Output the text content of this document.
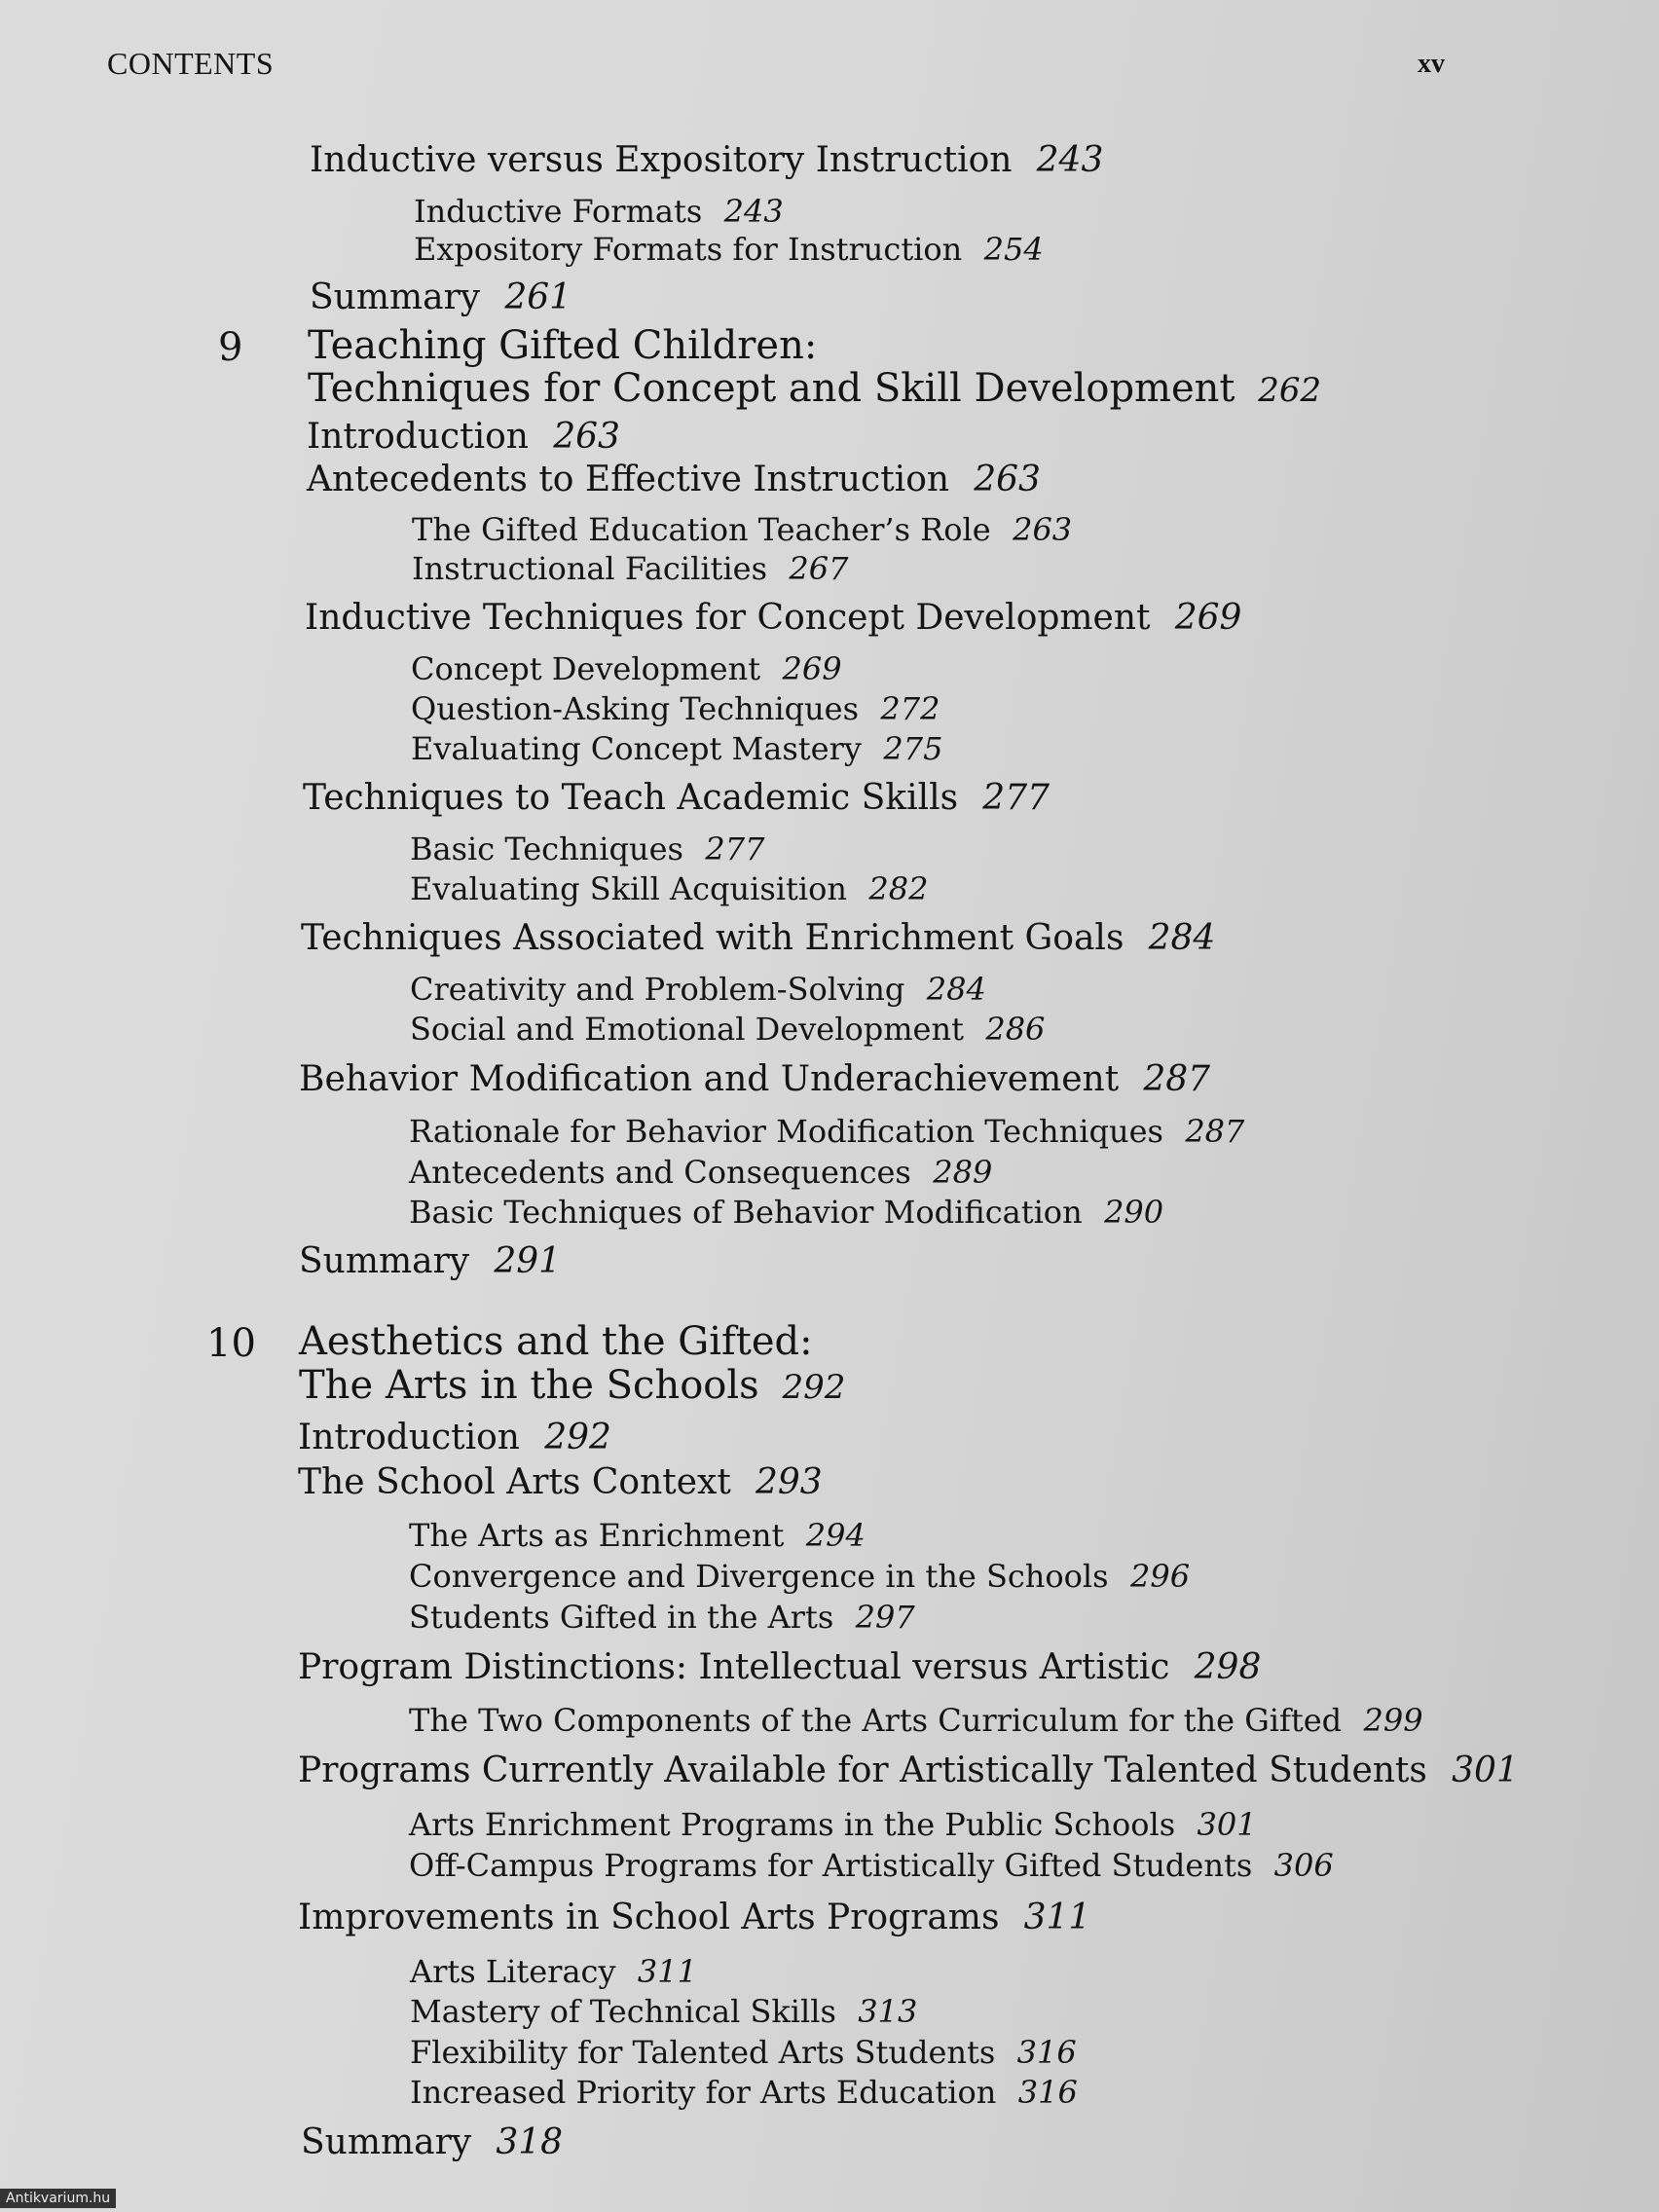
CONTENTS	xv
Inductive versus Expository Instruction 243
Inductive Formats 243
Expository Formats for Instruction 254
Summary 261
9 Teaching Gifted Children:
Techniques for Concept and Skill Development 262
Introduction 263
Antecedents to Effective Instruction 263
The Gifted Education Teacher’s Role 263
Instructional Facilities 267
Inductive Techniques for Concept Development 269
Concept Development 269
Question-Asking Techniques 272
Evaluating Concept Mastery 275
Techniques to Teach Academic Skills 277
Basic Techniques 277
Evaluating Skill Acquisition 282
Techniques Associated with Enrichment Goals 284
Creativity and Problem-Solving 284
Social and Emotional Development 286
Behavior Modification and Underachievement 287
Rationale for Behavior Modification Techniques 287
Antecedents and Consequences 289
Basic Techniques of Behavior Modification 290
Summary 291
10 Aesthetics and the Gifted:
The Arts in the Schools 292
Introduction 292
The School Arts Context 293
The Arts as Enrichment 294
Convergence and Divergence in the Schools 296
Students Gifted in the Arts 297
Program Distinctions: Intellectual versus Artistic 298
The Two Components of the Arts Curriculum for the Gifted 299
Programs Currently Available for Artistically Talented Students 301
Arts Enrichment Programs in the Public Schools 301
Off-Campus Programs for Artistically Gifted Students 306
Improvements in School Arts Programs 311
Arts Literacy 311
Mastery of Technical Skills 313
Flexibility for Talented Arts Students 316
Increased Priority for Arts Education 316
Summary 318
Antikvarium.hu
